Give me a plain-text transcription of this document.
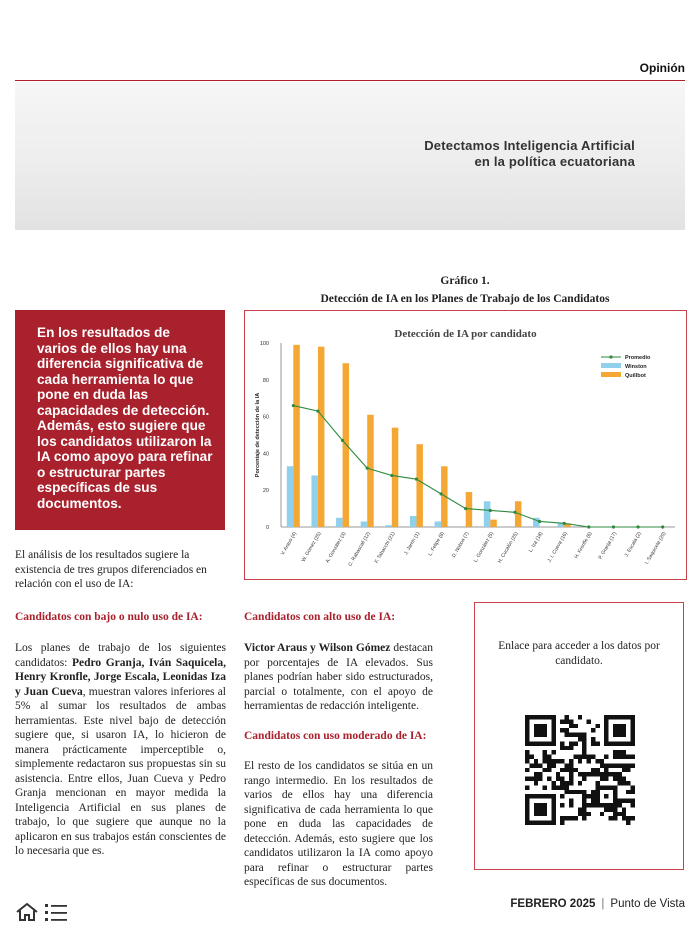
Opinión
Detectamos Inteligencia Artificial
en la política ecuatoriana
Gráfico 1.
Detección de IA en los Planes de Trabajo de los Candidatos
Detección de IA por candidato
0
20
40
60
80
100
Porcentaje de detección de la IA
V. Araus (4) W. Gómez (25) A. González (3) C. Rabascall (12) F. Tabacchi (21) J. Jarrín (1) L. Felipe (8) D. Noboa (7) L. González (5) H. Cucalón (25) L. Iza (18) J. I. Cueva (16) H. Kronfle (6) P. Granja (17) J. Escala (2) I. Saquicela (20)
Promedio
Winston
Quillbot
En los resultados de varios de ellos hay una diferencia significativa de cada herramienta lo que pone en duda las capacidades de detección. Además, esto sugiere que los candidatos utilizaron la IA como apoyo para refinar o estructurar partes específicas de sus documentos.
El análisis de los resultados sugiere la existencia de tres grupos diferenciados en relación con el uso de IA:
Candidatos con bajo o nulo uso de IA:
Los planes de trabajo de los siguientes candidatos: Pedro Granja, Iván Saquicela, Henry Kronfle, Jorge Escala, Leonidas Iza y Juan Cueva, muestran valores inferiores al 5% al sumar los resultados de ambas herramientas. Este nivel bajo de detección sugiere que, si usaron IA, lo hicieron de manera prácticamente imperceptible o, simplemente redactaron sus propuestas sin su asistencia. Entre ellos, Juan Cueva y Pedro Granja mencionan en mayor medida la Inteligencia Artificial en sus planes de trabajo, lo que sugiere que aunque no la aplicaron en sus trabajos están conscientes de lo necesaria que es.
Candidatos con alto uso de IA:
Victor Araus y Wilson Gómez destacan por porcentajes de IA elevados. Sus planes podrían haber sido estructurados, parcial o totalmente, con el apoyo de herramientas de redacción inteligente.
Candidatos con uso moderado de IA:
El resto de los candidatos se sitúa en un rango intermedio. En los resultados de varios de ellos hay una diferencia significativa de cada herramienta lo que pone en duda las capacidades de detección. Además, esto sugiere que los candidatos utilizaron la IA como apoyo para refinar o estructurar partes específicas de sus documentos.
Enlace para acceder a los datos por candidato.
FEBRERO 2025 | Punto de Vista
